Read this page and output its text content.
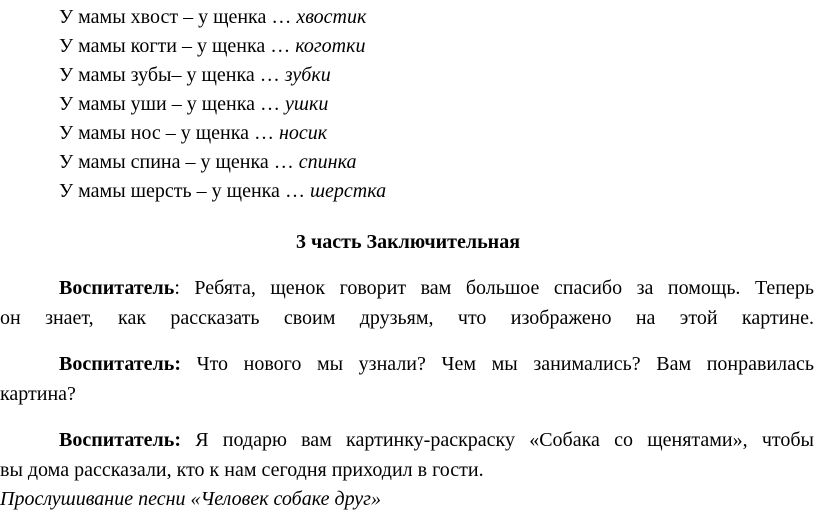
У мамы хвост – у щенка … хвостик
У мамы когти – у щенка … коготки
У мамы зубы– у щенка … зубки
У мамы уши – у щенка … ушки
У мамы нос – у щенка … носик
У мамы спина – у щенка … спинка
У мамы шерсть – у щенка … шерстка
3 часть Заключительная
Воспитатель: Ребята, щенок говорит вам большое спасибо за помощь. Теперь
он знает, как рассказать своим друзьям, что изображено на этой картине.
Воспитатель: Что нового мы узнали? Чем мы занимались? Вам понравилась
картина?
Воспитатель: Я подарю вам картинку-раскраску «Собака со щенятами», чтобы
вы дома рассказали, кто к нам сегодня приходил в гости.
Прослушивание песни «Человек собаке друг»
